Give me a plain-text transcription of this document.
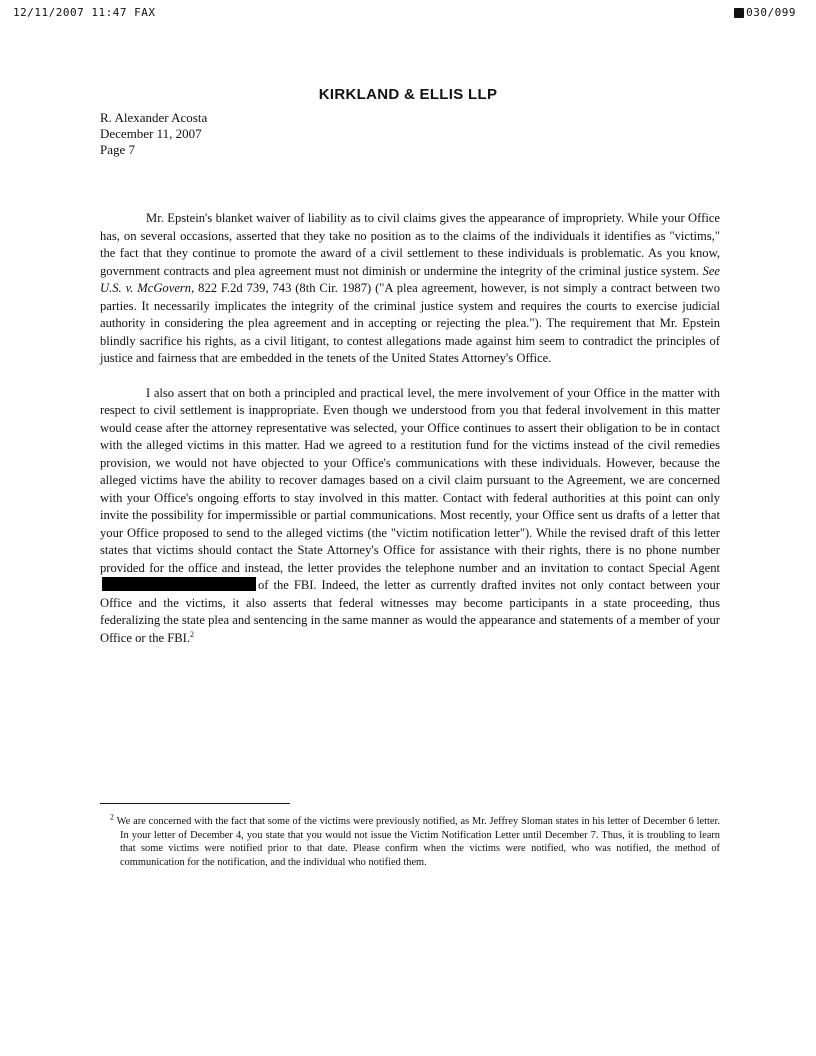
12/11/2007 11:47 FAX	030/099
KIRKLAND & ELLIS LLP
R. Alexander Acosta
December 11, 2007
Page 7

Mr. Epstein's blanket waiver of liability as to civil claims gives the appearance of impropriety. While your Office has, on several occasions, asserted that they take no position as to the claims of the individuals it identifies as "victims," the fact that they continue to promote the award of a civil settlement to these individuals is problematic. As you know, government contracts and plea agreement must not diminish or undermine the integrity of the criminal justice system. See U.S. v. McGovern, 822 F.2d 739, 743 (8th Cir. 1987) ("A plea agreement, however, is not simply a contract between two parties. It necessarily implicates the integrity of the criminal justice system and requires the courts to exercise judicial authority in considering the plea agreement and in accepting or rejecting the plea."). The requirement that Mr. Epstein blindly sacrifice his rights, as a civil litigant, to contest allegations made against him seem to contradict the principles of justice and fairness that are embedded in the tenets of the United States Attorney's Office.

I also assert that on both a principled and practical level, the mere involvement of your Office in the matter with respect to civil settlement is inappropriate. Even though we understood from you that federal involvement in this matter would cease after the attorney representative was selected, your Office continues to assert their obligation to be in contact with the alleged victims in this matter. Had we agreed to a restitution fund for the victims instead of the civil remedies provision, we would not have objected to your Office's communications with these individuals. However, because the alleged victims have the ability to recover damages based on a civil claim pursuant to the Agreement, we are concerned with your Office's ongoing efforts to stay involved in this matter. Contact with federal authorities at this point can only invite the possibility for impermissible or partial communications. Most recently, your Office sent us drafts of a letter that your Office proposed to send to the alleged victims (the "victim notification letter"). While the revised draft of this letter states that victims should contact the State Attorney's Office for assistance with their rights, there is no phone number provided for the office and instead, the letter provides the telephone number and an invitation to contact Special Agentof the FBI. Indeed, the letter as currently drafted invites not only contact between your Office and the victims, it also asserts that federal witnesses may become participants in a state proceeding, thus federalizing the state plea and sentencing in the same manner as would the appearance and statements of a member of your Office or the FBI.$^2$

$^2$ We are concerned with the fact that some of the victims were previously notified, as Mr. Jeffrey Sloman states in his letter of December 6 letter. In your letter of December 4, you state that you would not issue the Victim Notification Letter until December 7. Thus, it is troubling to learn that some victims were notified prior to that date. Please confirm when the victims were notified, who was notified, the method of communication for the notification, and the individual who notified them.
